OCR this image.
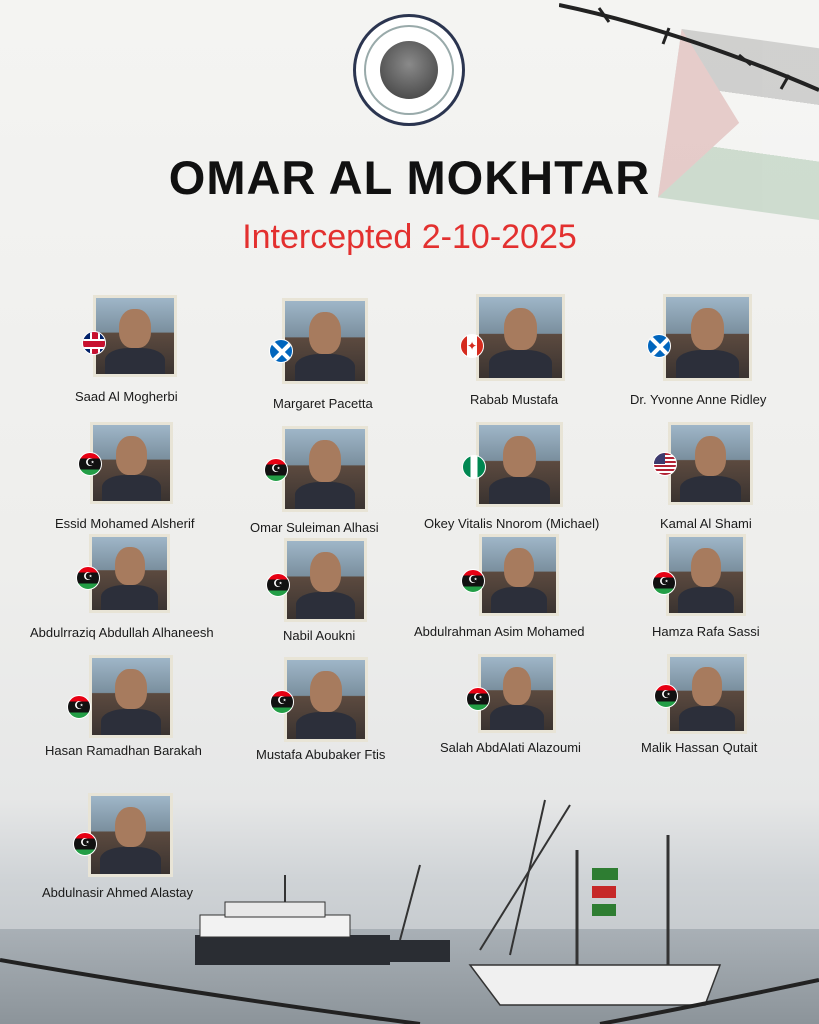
OMAR AL MOKHTAR
Intercepted 2-10-2025
Saad Al Mogherbi	Margaret Pacetta
✦	Rabab Mustafa	Dr. Yvonne Anne Ridley
☪
Essid Mohamed Alsherif
☪	Omar Suleiman Alhasi	Okey Vitalis Nnorom (Michael)	Kamal Al Shami
☪
Abdulrraziq Abdullah Alhaneesh
☪	Nabil Aoukni
☪	Abdulrahman Asim Mohamed
☪	Hamza Rafa Sassi
☪
Hasan Ramadhan Barakah
☪	Mustafa Abubaker Ftis
☪	Salah AbdAlati Alazoumi
☪	Malik Hassan Qutait
☪
Abdulnasir Ahmed Alastay
